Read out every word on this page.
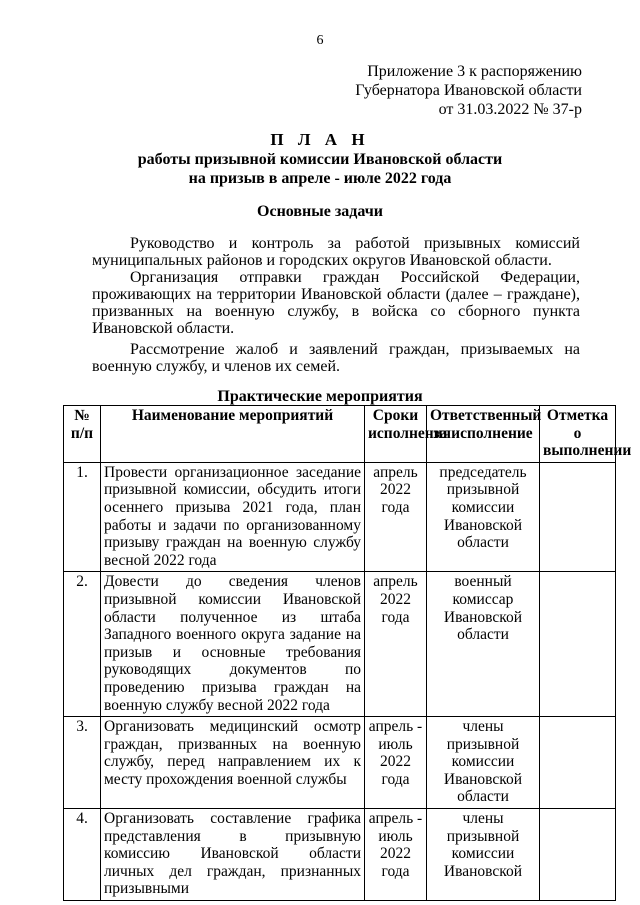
6
Приложение 3 к распоряжению
Губернатора Ивановской области
от 31.03.2022 № 37-р
П Л А Н
работы призывной комиссии Ивановской области
на призыв в апреле - июле 2022 года
Основные задачи

Руководство и контроль за работой призывных комиссий муниципальных районов и городских округов Ивановской области.

Организация отправки граждан Российской Федерации, проживающих на территории Ивановской области (далее – граждане), призванных на военную службу, в войска со сборного пункта Ивановской области.

Рассмотрение жалоб и заявлений граждан, призываемых на военную службу, и членов их семей.

Практические мероприятия
№ п/п	Наименование мероприятий	Сроки исполнения	Ответственный за исполнение	Отметка о выполнении
1.	Провести организационное заседание призывной комиссии, обсудить итоги осеннего призыва 2021 года, план работы и задачи по организованному призыву граждан на военную службу весной 2022 года	апрель 2022 года	председатель призывной комиссии Ивановской области	
2.	Довести до сведения членов призывной комиссии Ивановской области полученное из штаба Западного военного округа задание на призыв и основные требования руководящих документов по проведению призыва граждан на военную службу весной 2022 года	апрель 2022 года	военный комиссар Ивановской области	
3.	Организовать медицинский осмотр граждан, призванных на военную службу, перед направлением их к месту прохождения военной службы	апрель - июль 2022 года	члены призывной комиссии Ивановской области	
4.	Организовать составление графика представления в призывную комиссию Ивановской области личных дел граждан, признанных призывными	апрель - июль 2022 года	члены призывной комиссии Ивановской	
